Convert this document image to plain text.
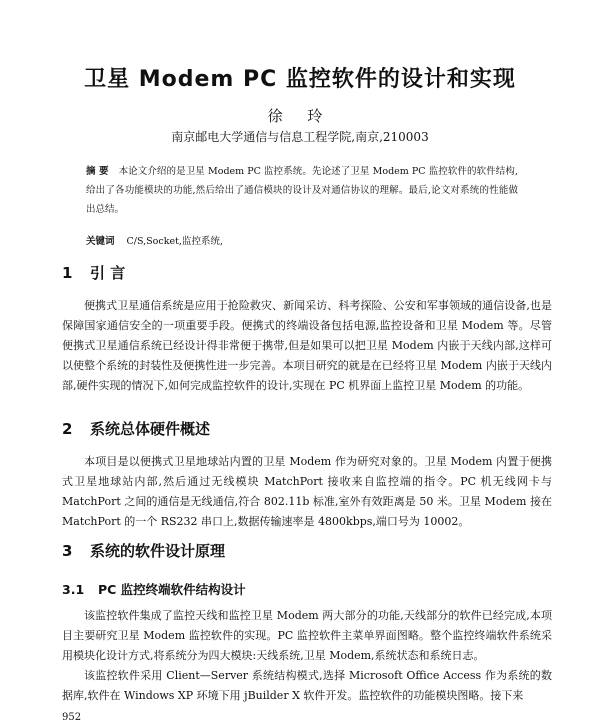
卫星 Modem PC 监控软件的设计和实现
徐 玲
南京邮电大学通信与信息工程学院,南京,210003
摘 要 本论文介绍的是卫星 Modem PC 监控系统。先论述了卫星 Modem PC 监控软件的软件结构,给出了各功能模块的功能,然后给出了通信模块的设计及对通信协议的理解。最后,论文对系统的性能做出总结。
关键词 C/S,Socket,监控系统,
1 引 言

便携式卫星通信系统是应用于抢险救灾、新闻采访、科考探险、公安和军事领域的通信设备,也是保障国家通信安全的一项重要手段。便携式的终端设备包括电源,监控设备和卫星 Modem 等。尽管便携式卫星通信系统已经设计得非常便于携带,但是如果可以把卫星 Modem 内嵌于天线内部,这样可以使整个系统的封装性及便携性进一步完善。本项目研究的就是在已经将卫星 Modem 内嵌于天线内部,硬件实现的情况下,如何完成监控软件的设计,实现在 PC 机界面上监控卫星 Modem 的功能。

2 系统总体硬件概述

本项目是以便携式卫星地球站内置的卫星 Modem 作为研究对象的。卫星 Modem 内置于便携式卫星地球站内部,然后通过无线模块 MatchPort 接收来自监控端的指令。PC 机无线网卡与 MatchPort 之间的通信是无线通信,符合 802.11b 标准,室外有效距离是 50 米。卫星 Modem 接在 MatchPort 的一个 RS232 串口上,数据传输速率是 4800kbps,端口号为 10002。

3 系统的软件设计原理
3.1 PC 监控终端软件结构设计

该监控软件集成了监控天线和监控卫星 Modem 两大部分的功能,天线部分的软件已经完成,本项目主要研究卫星 Modem 监控软件的实现。PC 监控软件主菜单界面图略。整个监控终端软件系统采用模块化设计方式,将系统分为四大模块:天线系统,卫星 Modem,系统状态和系统日志。

该监控软件采用 Client—Server 系统结构模式,选择 Microsoft Office Access 作为系统的数据库,软件在 Windows XP 环境下用 jBuilder X 软件开发。监控软件的功能模块图略。接下来

952
